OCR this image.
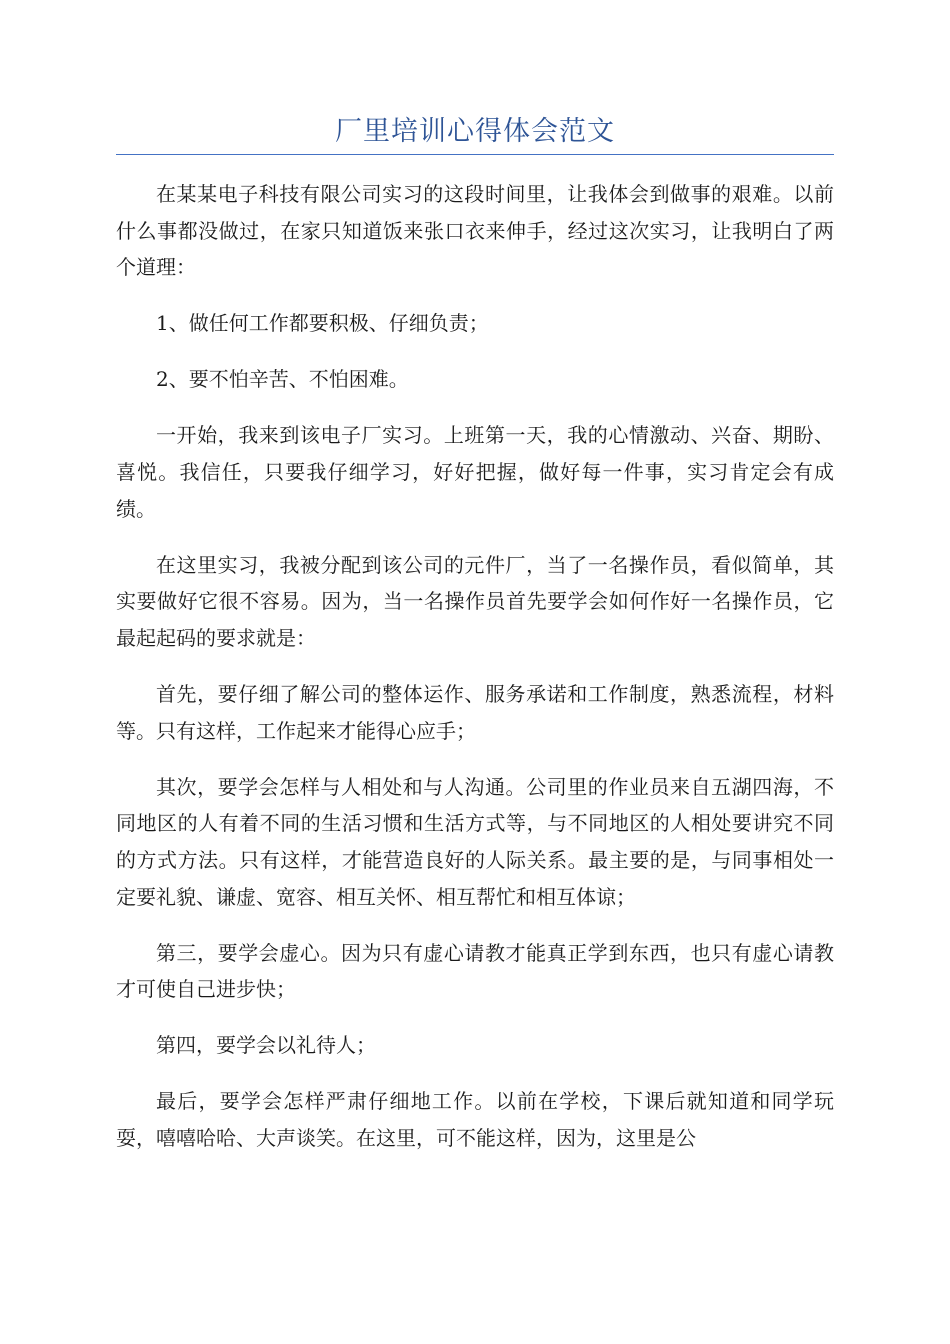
厂里培训心得体会范文

在某某电子科技有限公司实习的这段时间里，让我体会到做事的艰难。以前什么事都没做过，在家只知道饭来张口衣来伸手，经过这次实习，让我明白了两个道理：

1、做任何工作都要积极、仔细负责；

2、要不怕辛苦、不怕困难。

一开始，我来到该电子厂实习。上班第一天，我的心情激动、兴奋、期盼、喜悦。我信任，只要我仔细学习，好好把握，做好每一件事，实习肯定会有成绩。

在这里实习，我被分配到该公司的元件厂，当了一名操作员，看似简单，其实要做好它很不容易。因为，当一名操作员首先要学会如何作好一名操作员，它最起起码的要求就是：

首先，要仔细了解公司的整体运作、服务承诺和工作制度，熟悉流程，材料等。只有这样，工作起来才能得心应手；

其次，要学会怎样与人相处和与人沟通。公司里的作业员来自五湖四海，不同地区的人有着不同的生活习惯和生活方式等，与不同地区的人相处要讲究不同的方式方法。只有这样，才能营造良好的人际关系。最主要的是，与同事相处一定要礼貌、谦虚、宽容、相互关怀、相互帮忙和相互体谅；

第三，要学会虚心。因为只有虚心请教才能真正学到东西，也只有虚心请教才可使自己进步快；

第四，要学会以礼待人；

最后，要学会怎样严肃仔细地工作。以前在学校，下课后就知道和同学玩耍，嘻嘻哈哈、大声谈笑。在这里，可不能这样，因为，这里是公
